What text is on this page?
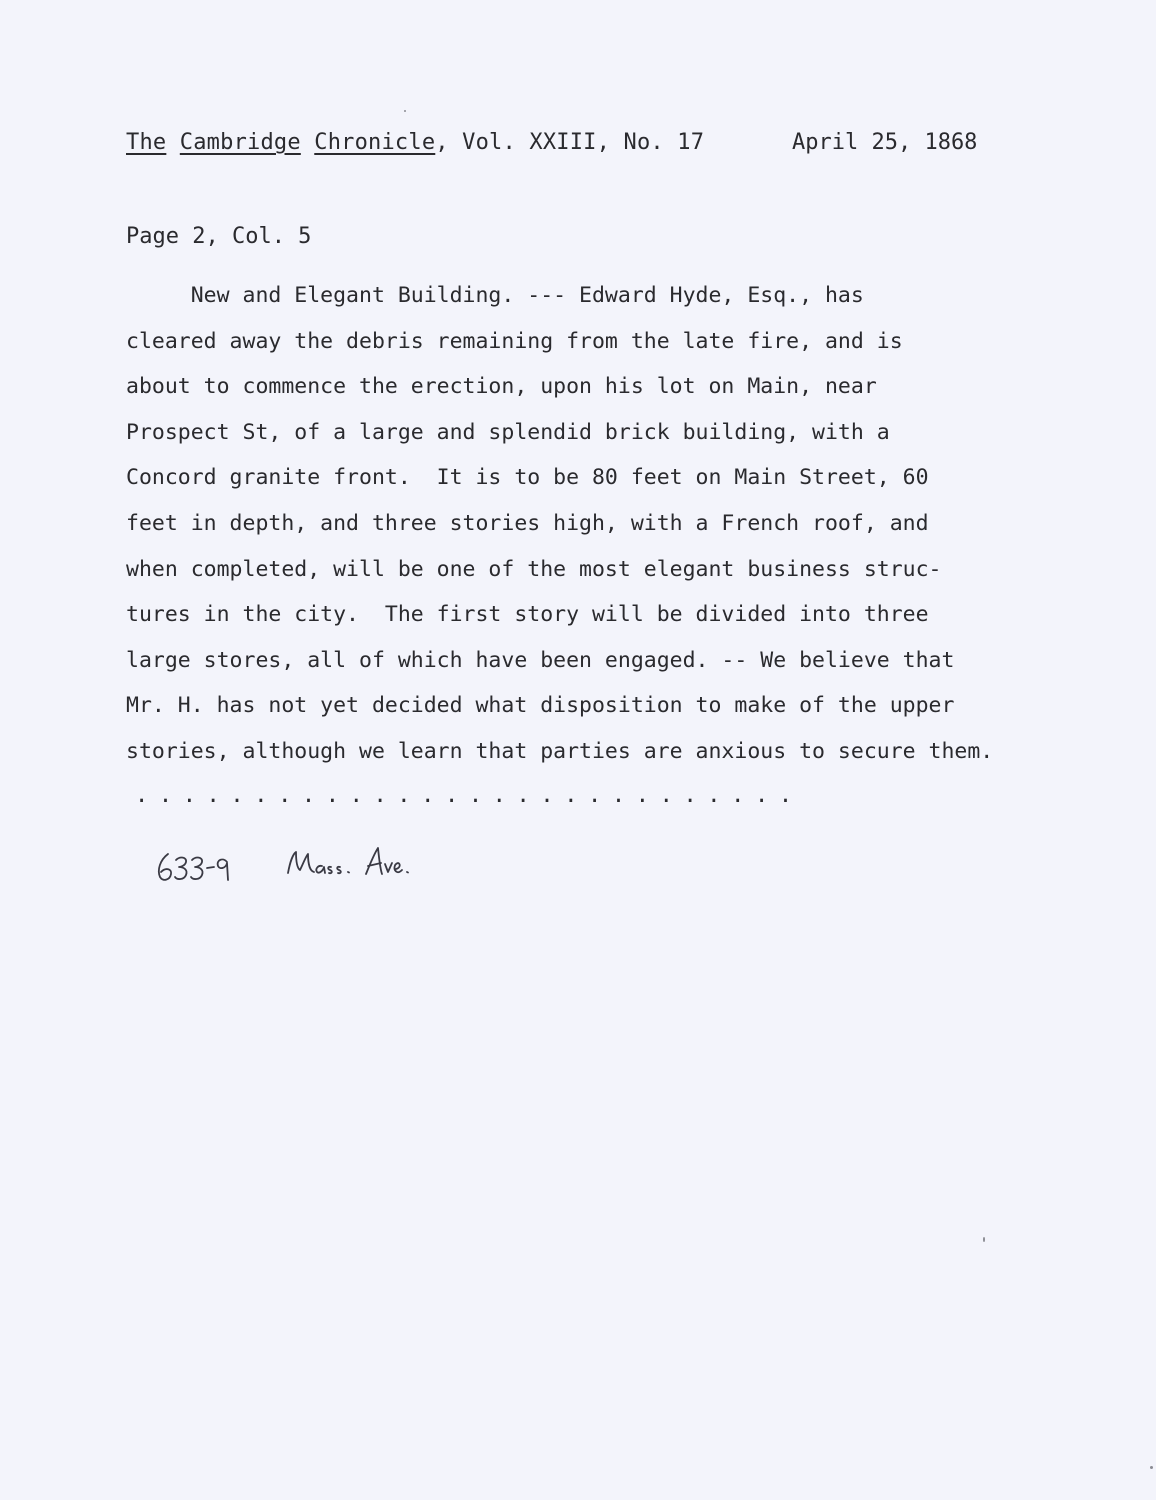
The Cambridge Chronicle, Vol. XXIII, No. 17	April 25, 1868
Page 2, Col. 5
New and Elegant Building. --- Edward Hyde, Esq., has
cleared away the debris remaining from the late fire, and is
about to commence the erection, upon his lot on Main, near
Prospect St, of a large and splendid brick building, with a
Concord granite front.  It is to be 80 feet on Main Street, 60
feet in depth, and three stories high, with a French roof, and
when completed, will be one of the most elegant business struc-
tures in the city.  The first story will be divided into three
large stores, all of which have been engaged. -- We believe that
Mr. H. has not yet decided what disposition to make of the upper
stories, although we learn that parties are anxious to secure them.
............................
